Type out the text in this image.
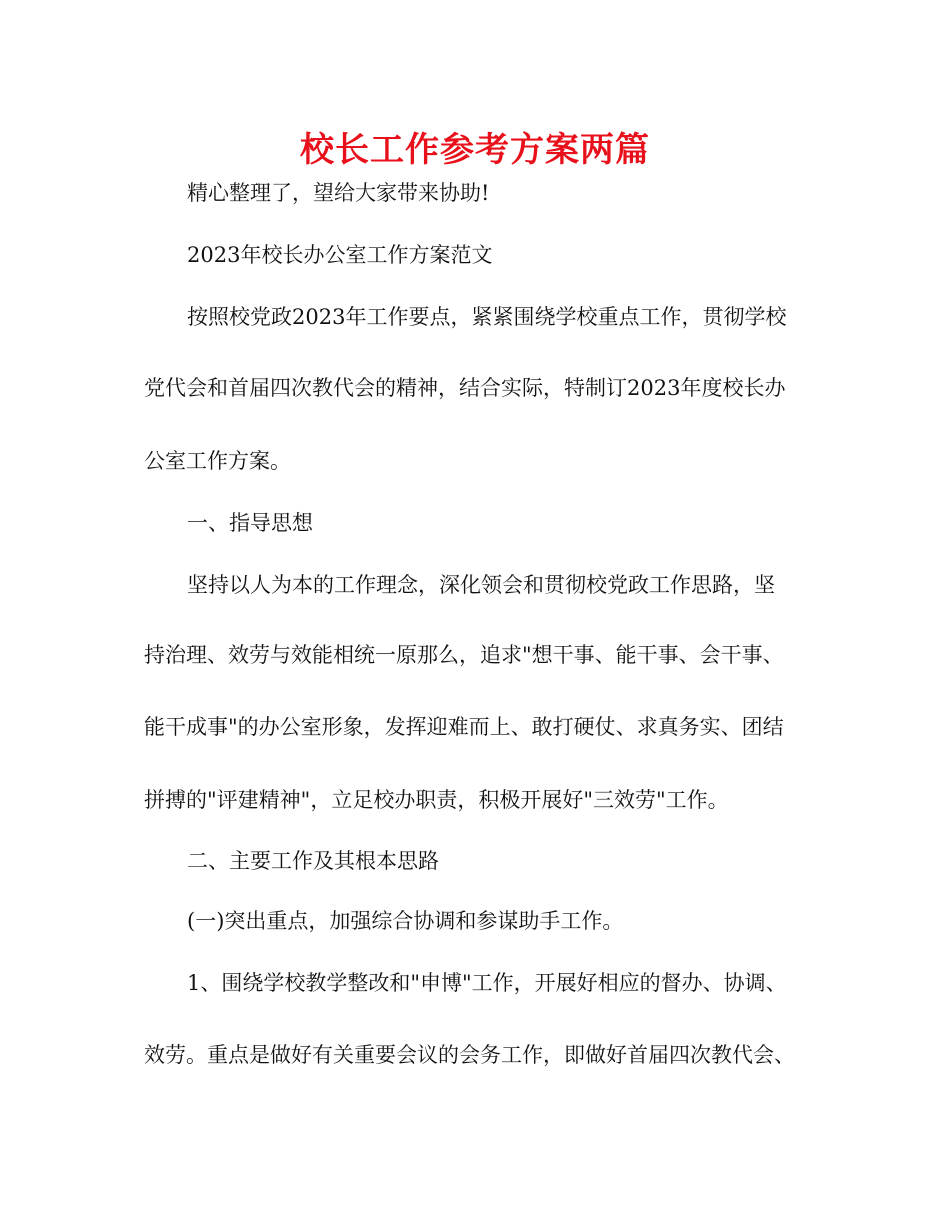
校长工作参考方案两篇

精心整理了，望给大家带来协助!

2023年校长办公室工作方案范文

按照校党政2023年工作要点，紧紧围绕学校重点工作，贯彻学校

党代会和首届四次教代会的精神，结合实际，特制订2023年度校长办

公室工作方案。

一、指导思想

坚持以人为本的工作理念，深化领会和贯彻校党政工作思路，坚

持治理、效劳与效能相统一原那么，追求"想干事、能干事、会干事、

能干成事"的办公室形象，发挥迎难而上、敢打硬仗、求真务实、团结

拼搏的"评建精神"，立足校办职责，积极开展好"三效劳"工作。

二、主要工作及其根本思路

(一)突出重点，加强综合协调和参谋助手工作。

1、围绕学校教学整改和"申博"工作，开展好相应的督办、协调、

效劳。重点是做好有关重要会议的会务工作，即做好首届四次教代会、
